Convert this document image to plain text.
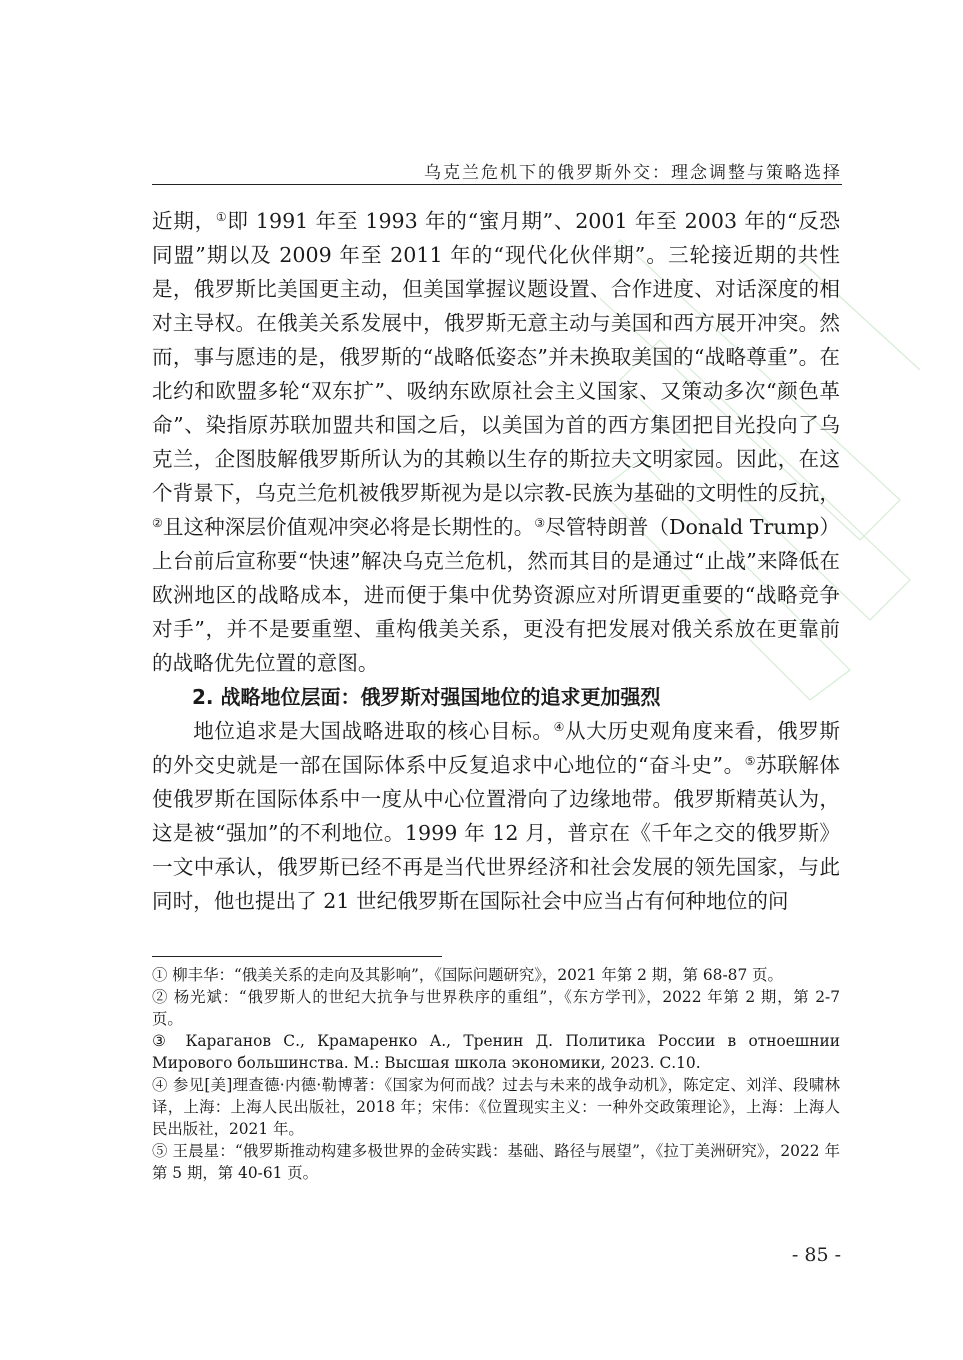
乌克兰危机下的俄罗斯外交：理念调整与策略选择

近期，①即 1991 年至 1993 年的“蜜月期”、2001 年至 2003 年的“反恐同盟”期以及 2009 年至 2011 年的“现代化伙伴期”。三轮接近期的共性是，俄罗斯比美国更主动，但美国掌握议题设置、合作进度、对话深度的相对主导权。在俄美关系发展中，俄罗斯无意主动与美国和西方展开冲突。然而，事与愿违的是，俄罗斯的“战略低姿态”并未换取美国的“战略尊重”。在北约和欧盟多轮“双东扩”、吸纳东欧原社会主义国家、又策动多次“颜色革命”、染指原苏联加盟共和国之后，以美国为首的西方集团把目光投向了乌克兰，企图肢解俄罗斯所认为的其赖以生存的斯拉夫文明家园。因此，在这个背景下，乌克兰危机被俄罗斯视为是以宗教-民族为基础的文明性的反抗，②且这种深层价值观冲突必将是长期性的。③尽管特朗普（Donald Trump）上台前后宣称要“快速”解决乌克兰危机，然而其目的是通过“止战”来降低在欧洲地区的战略成本，进而便于集中优势资源应对所谓更重要的“战略竞争对手”，并不是要重塑、重构俄美关系，更没有把发展对俄关系放在更靠前的战略优先位置的意图。

2. 战略地位层面：俄罗斯对强国地位的追求更加强烈

地位追求是大国战略进取的核心目标。④从大历史观角度来看，俄罗斯的外交史就是一部在国际体系中反复追求中心地位的“奋斗史”。⑤苏联解体使俄罗斯在国际体系中一度从中心位置滑向了边缘地带。俄罗斯精英认为，这是被“强加”的不利地位。1999 年 12 月，普京在《千年之交的俄罗斯》一文中承认，俄罗斯已经不再是当代世界经济和社会发展的领先国家，与此同时，他也提出了 21 世纪俄罗斯在国际社会中应当占有何种地位的问

① 柳丰华：“俄美关系的走向及其影响”，《国际问题研究》，2021 年第 2 期，第 68-87 页。

② 杨光斌：“俄罗斯人的世纪大抗争与世界秩序的重组”，《东方学刊》，2022 年第 2 期，第 2-7 页。

③ Караганов С., Крамаренко А., Тренин Д. Политика России в отноешнии Мирового большинства. М.: Высшая школа экономики, 2023. С.10.

④ 参见[美]理查德·内德·勒博著：《国家为何而战？过去与未来的战争动机》，陈定定、刘洋、段啸林译，上海：上海人民出版社，2018 年；宋伟：《位置现实主义：一种外交政策理论》，上海：上海人民出版社，2021 年。

⑤ 王晨星：“俄罗斯推动构建多极世界的金砖实践：基础、路径与展望”，《拉丁美洲研究》，2022 年第 5 期，第 40-61 页。

- 85 -
